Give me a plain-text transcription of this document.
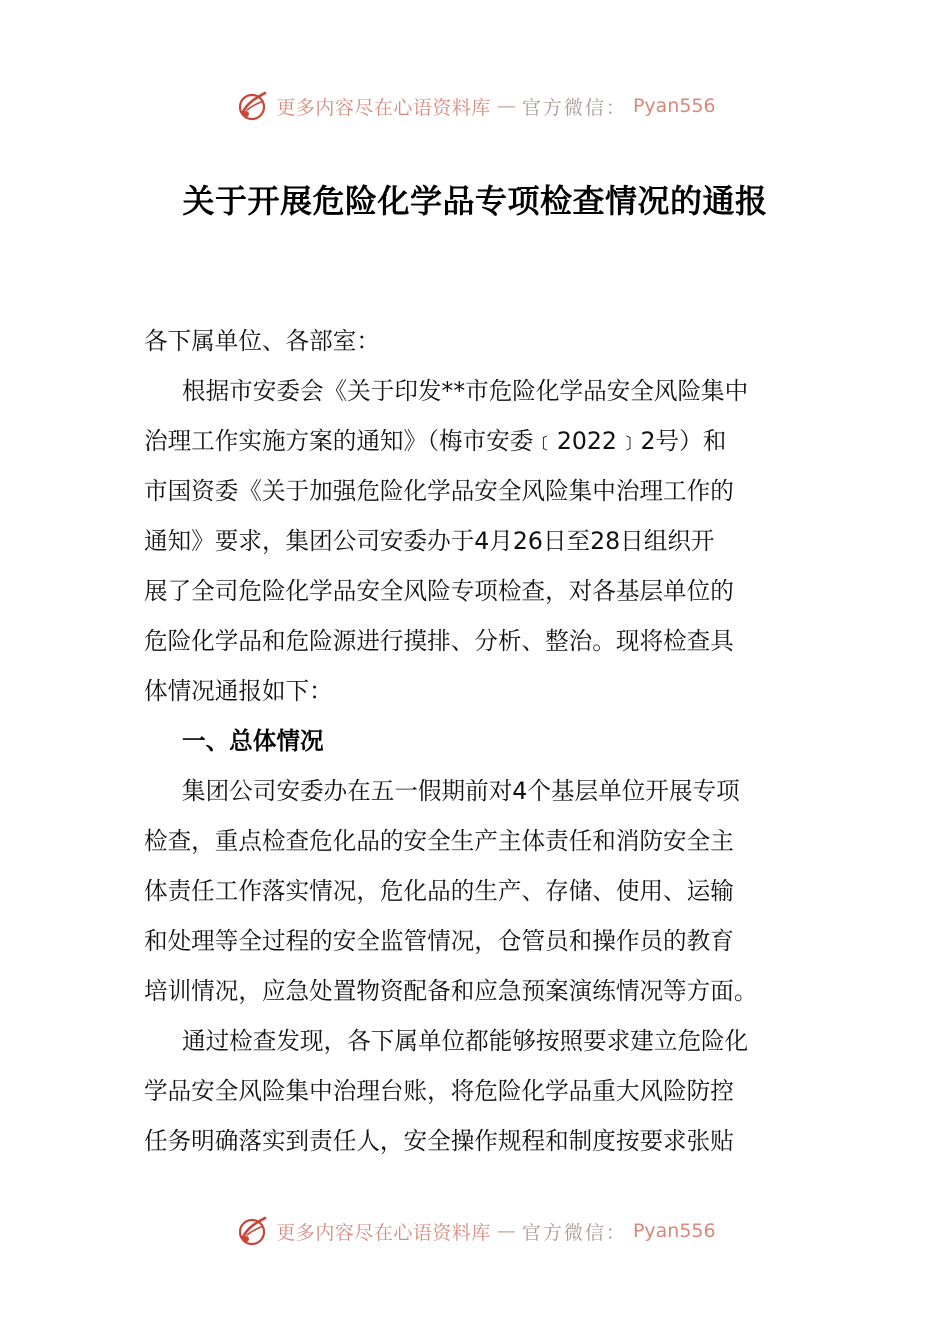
更多内容尽在心语资料库 — 官方微信： Pyan556
关于开展危险化学品专项检查情况的通报
各下属单位、各部室：
根据市安委会《关于印发**市危险化学品安全风险集中
治理工作实施方案的通知》（梅市安委﹝2022﹞2号）和
市国资委《关于加强危险化学品安全风险集中治理工作的
通知》要求，集团公司安委办于4月26日至28日组织开
展了全司危险化学品安全风险专项检查，对各基层单位的
危险化学品和危险源进行摸排、分析、整治。现将检查具
体情况通报如下：
一、总体情况
集团公司安委办在五一假期前对4个基层单位开展专项
检查，重点检查危化品的安全生产主体责任和消防安全主
体责任工作落实情况，危化品的生产、存储、使用、运输
和处理等全过程的安全监管情况，仓管员和操作员的教育
培训情况，应急处置物资配备和应急预案演练情况等方面。
通过检查发现，各下属单位都能够按照要求建立危险化
学品安全风险集中治理台账，将危险化学品重大风险防控
任务明确落实到责任人，安全操作规程和制度按要求张贴
更多内容尽在心语资料库 — 官方微信： Pyan556
